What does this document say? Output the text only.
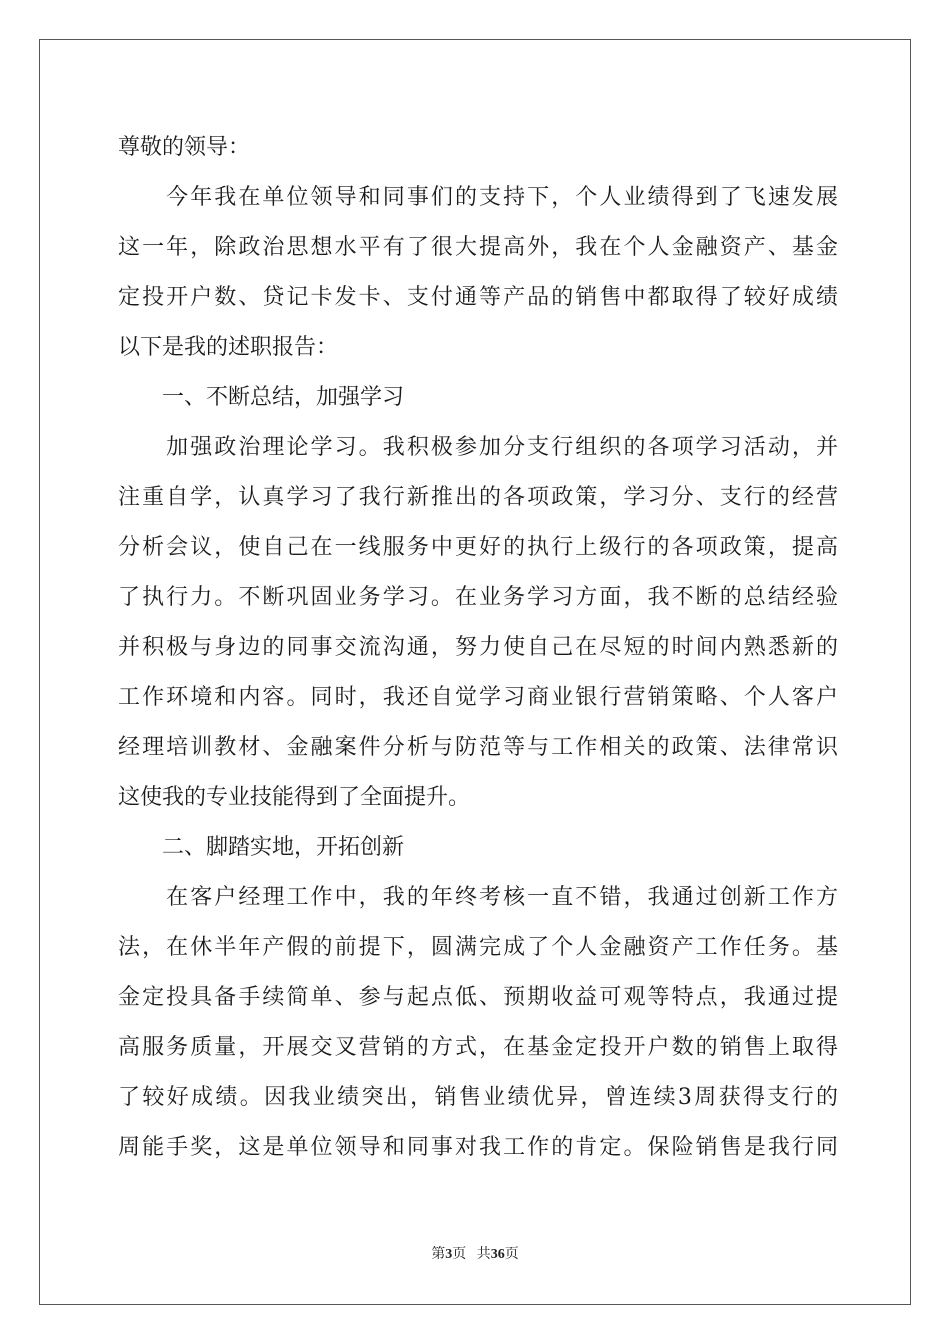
尊敬的领导：

　　今年我在单位领导和同事们的支持下，个人业绩得到了飞速发展

这一年，除政治思想水平有了很大提高外，我在个人金融资产、基金

定投开户数、贷记卡发卡、支付通等产品的销售中都取得了较好成绩

以下是我的述职报告：

　　一、不断总结，加强学习

　　加强政治理论学习。我积极参加分支行组织的各项学习活动，并

注重自学，认真学习了我行新推出的各项政策，学习分、支行的经营

分析会议，使自己在一线服务中更好的执行上级行的各项政策，提高

了执行力。不断巩固业务学习。在业务学习方面，我不断的总结经验

并积极与身边的同事交流沟通，努力使自己在尽短的时间内熟悉新的

工作环境和内容。同时，我还自觉学习商业银行营销策略、个人客户

经理培训教材、金融案件分析与防范等与工作相关的政策、法律常识

这使我的专业技能得到了全面提升。

　　二、脚踏实地，开拓创新

　　在客户经理工作中，我的年终考核一直不错，我通过创新工作方

法，在休半年产假的前提下，圆满完成了个人金融资产工作任务。基

金定投具备手续简单、参与起点低、预期收益可观等特点，我通过提

高服务质量，开展交叉营销的方式，在基金定投开户数的销售上取得

了较好成绩。因我业绩突出，销售业绩优异，曾连续3周获得支行的

周能手奖，这是单位领导和同事对我工作的肯定。保险销售是我行同

第3页 共36页
